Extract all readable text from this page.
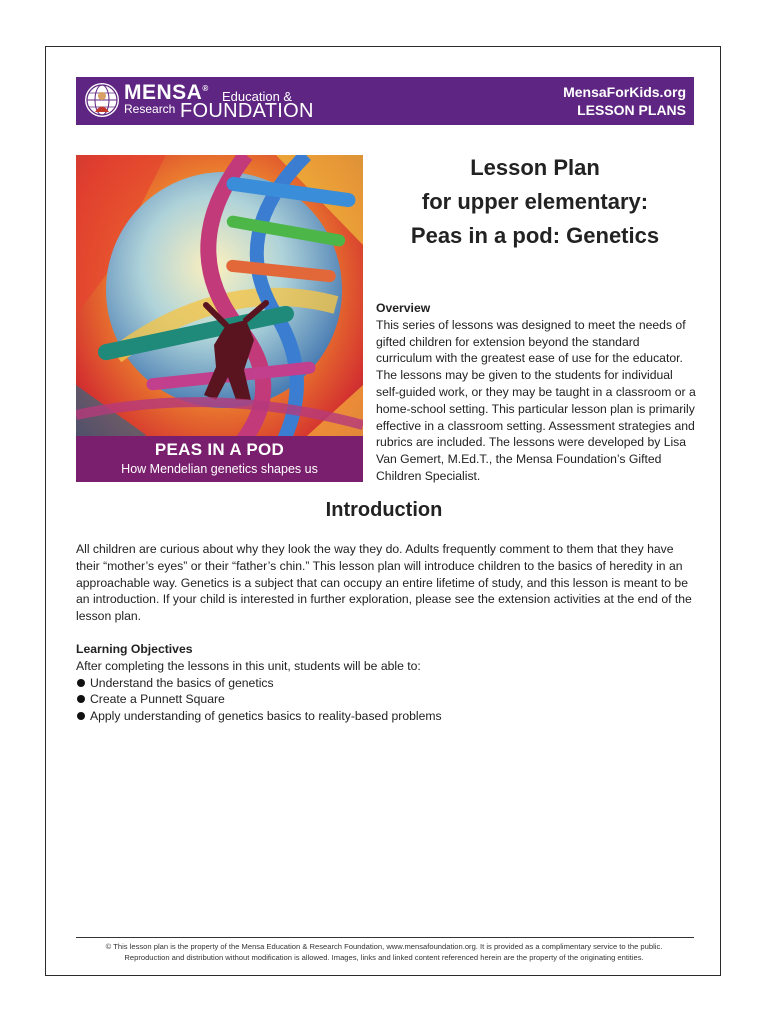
MENSA®
Education &
Research FOUNDATION
MensaForKids.org
LESSON PLANS
PEAS IN A POD
How Mendelian genetics shapes us
Lesson Plan
for upper elementary:
Peas in a pod: Genetics
Overview
This series of lessons was designed to meet the needs of gifted children for extension beyond the standard curriculum with the greatest ease of use for the educator. The lessons may be given to the students for individual self-guided work, or they may be taught in a classroom or a home-school setting. This particular lesson plan is primarily effective in a classroom setting. Assessment strategies and rubrics are included. The lessons were developed by Lisa Van Gemert, M.Ed.T., the Mensa Foundation’s Gifted Children Specialist.
Introduction
All children are curious about why they look the way they do. Adults frequently comment to them that they have their “mother’s eyes” or their “father’s chin.” This lesson plan will introduce children to the basics of heredity in an approachable way. Genetics is a subject that can occupy an entire lifetime of study, and this lesson is meant to be an introduction. If your child is interested in further exploration, please see the extension activities at the end of the lesson plan.
Learning Objectives
After completing the lessons in this unit, students will be able to:
Understand the basics of genetics
Create a Punnett Square
Apply understanding of genetics basics to reality-based problems
© This lesson plan is the property of the Mensa Education & Research Foundation, www.mensafoundation.org. It is provided as a complimentary service to the public.
Reproduction and distribution without modification is allowed. Images, links and linked content referenced herein are the property of the originating entities.
